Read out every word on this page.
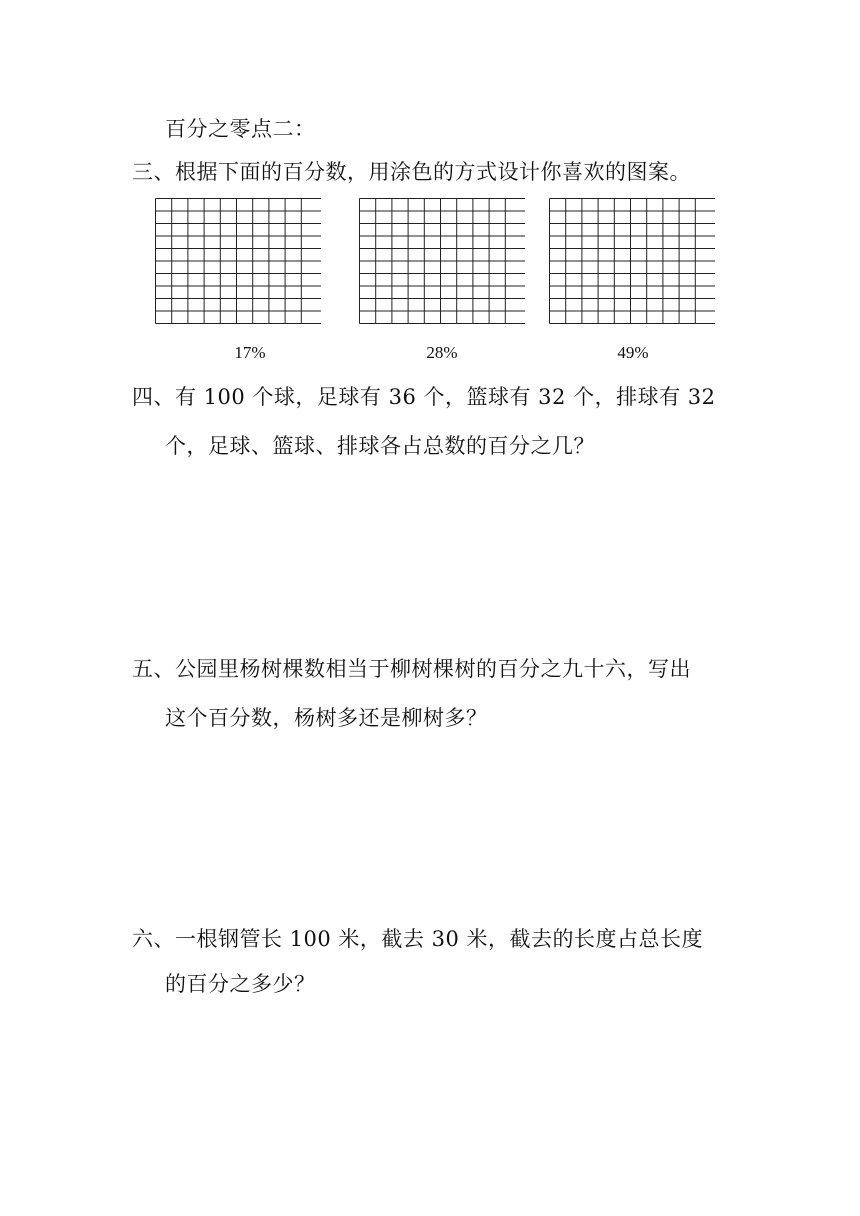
百分之零点二：
三、根据下面的百分数，用涂色的方式设计你喜欢的图案。
17%	28%	49%
四、有 100 个球，足球有 36 个，篮球有 32 个，排球有 32
个，足球、篮球、排球各占总数的百分之几？
五、公园里杨树棵数相当于柳树棵树的百分之九十六，写出
这个百分数，杨树多还是柳树多？
六、一根钢管长 100 米，截去 30 米，截去的长度占总长度
的百分之多少？
